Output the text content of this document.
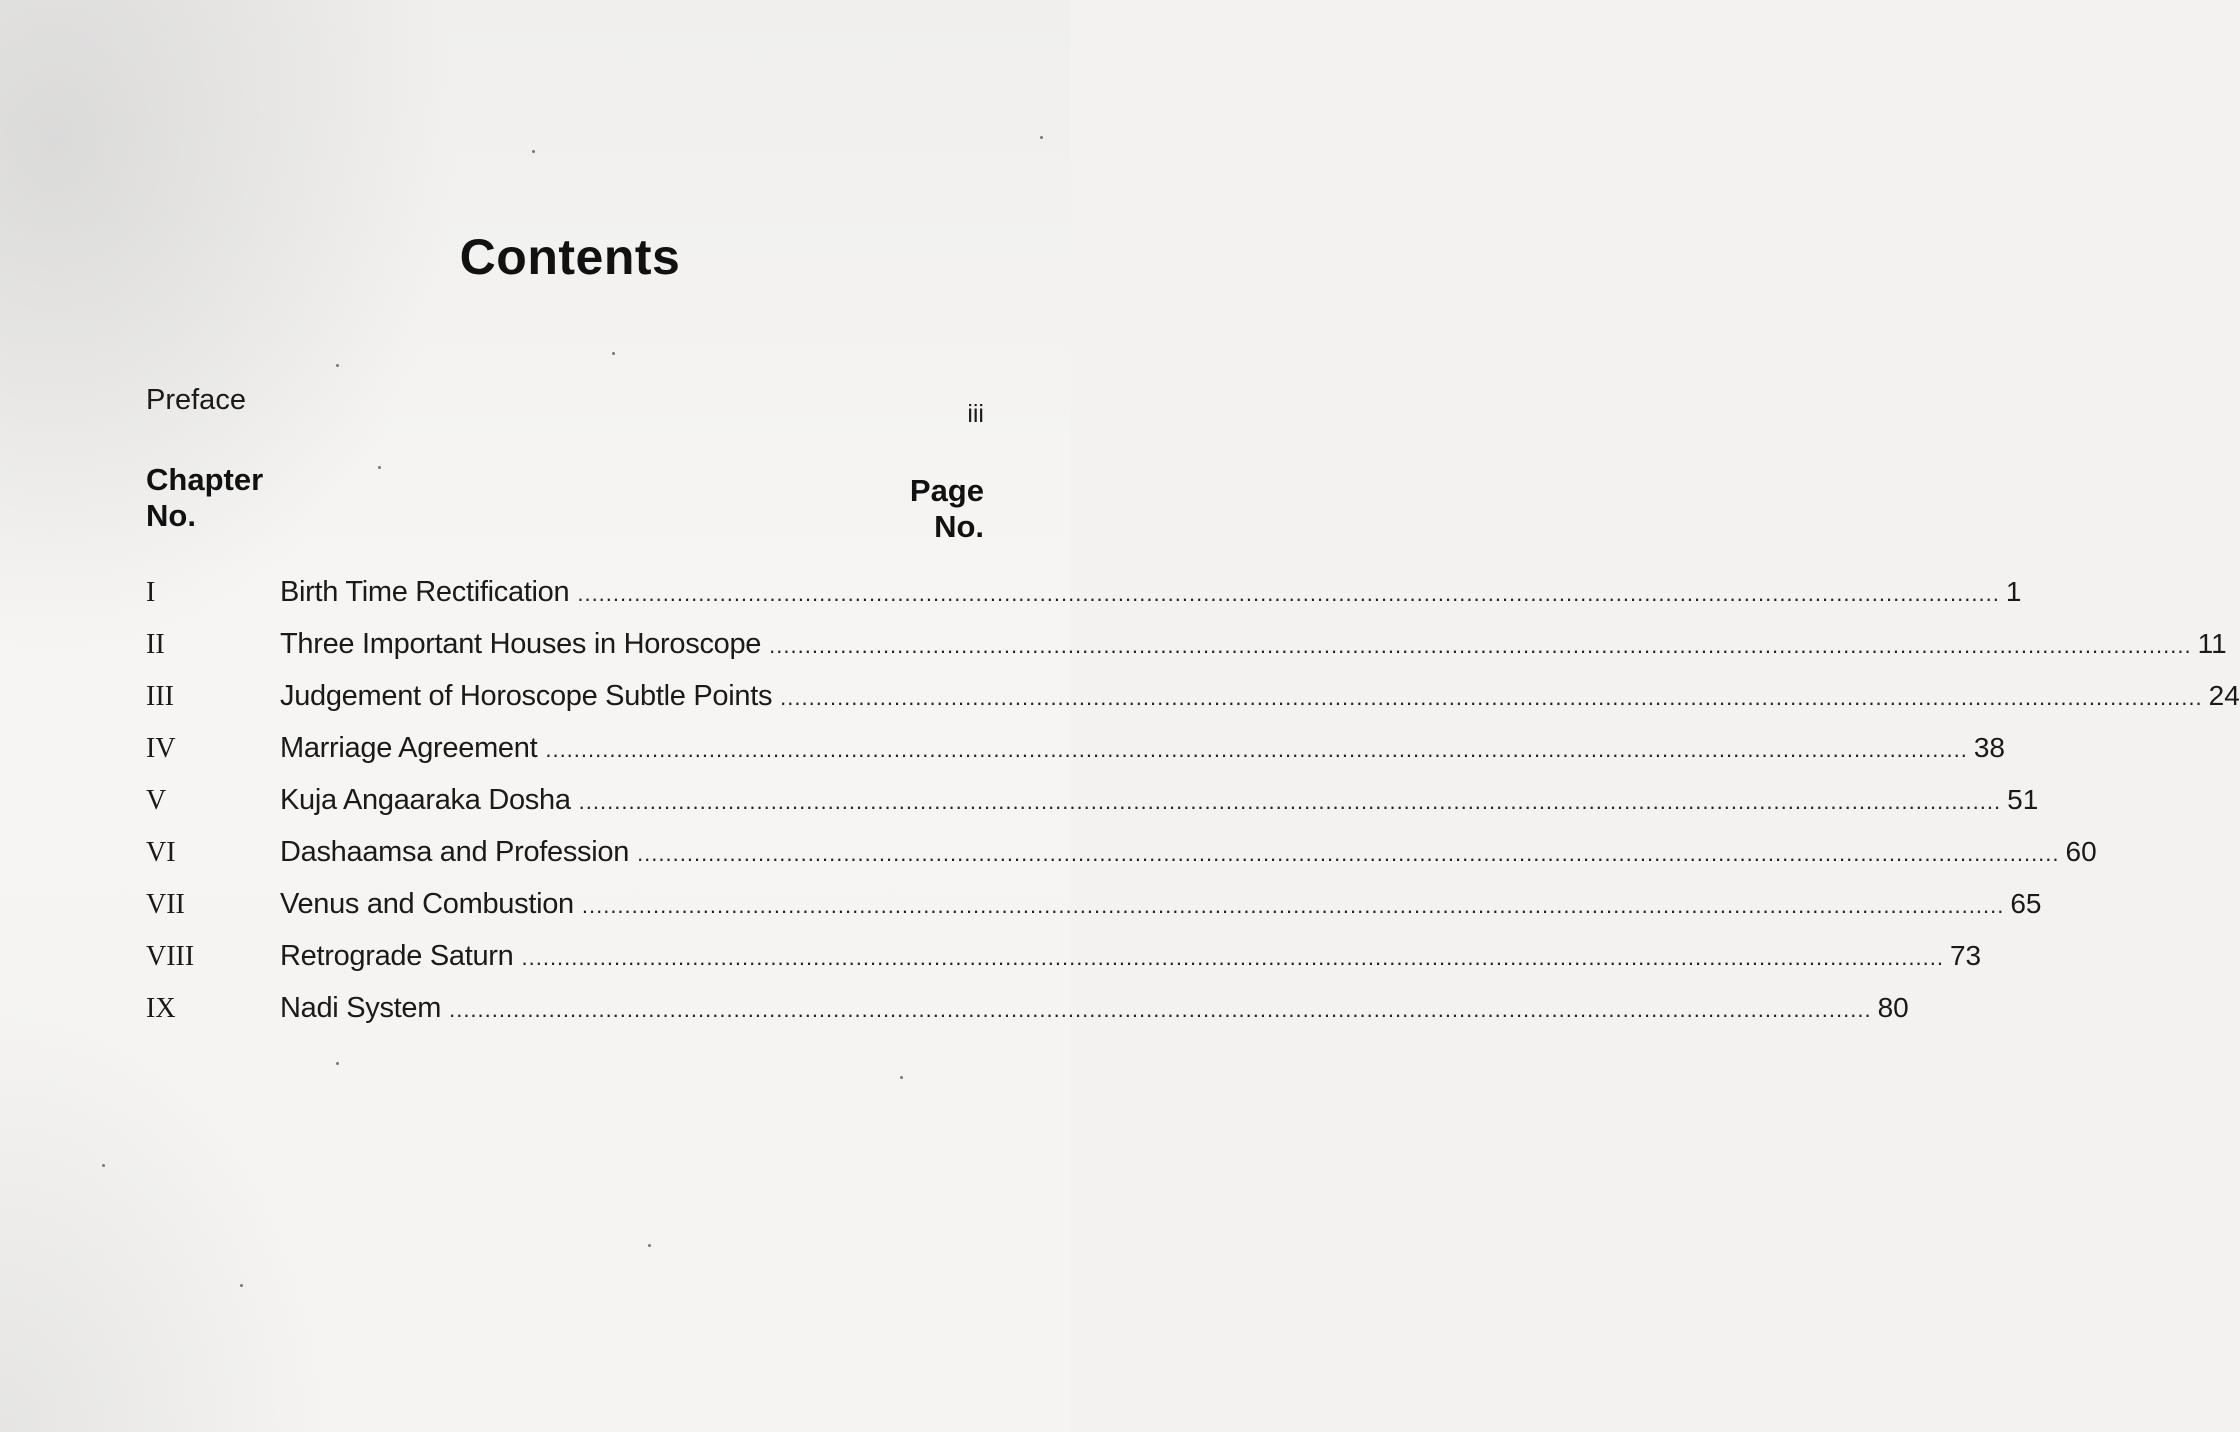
Contents
Preface	iii
Chapter
No.
Page
No.
I	Birth Time Rectification ........................................................................................................................................................................................................ 1
II	Three Important Houses in Horoscope ........................................................................................................................................................................................................ 11
III	Judgement of Horoscope Subtle Points ........................................................................................................................................................................................................ 24
IV	Marriage Agreement ........................................................................................................................................................................................................ 38
V	Kuja Angaaraka Dosha ........................................................................................................................................................................................................ 51
VI	Dashaamsa and Profession ........................................................................................................................................................................................................ 60
VII	Venus and Combustion ........................................................................................................................................................................................................ 65
VIII	Retrograde Saturn ........................................................................................................................................................................................................ 73
IX	Nadi System ........................................................................................................................................................................................................ 80
